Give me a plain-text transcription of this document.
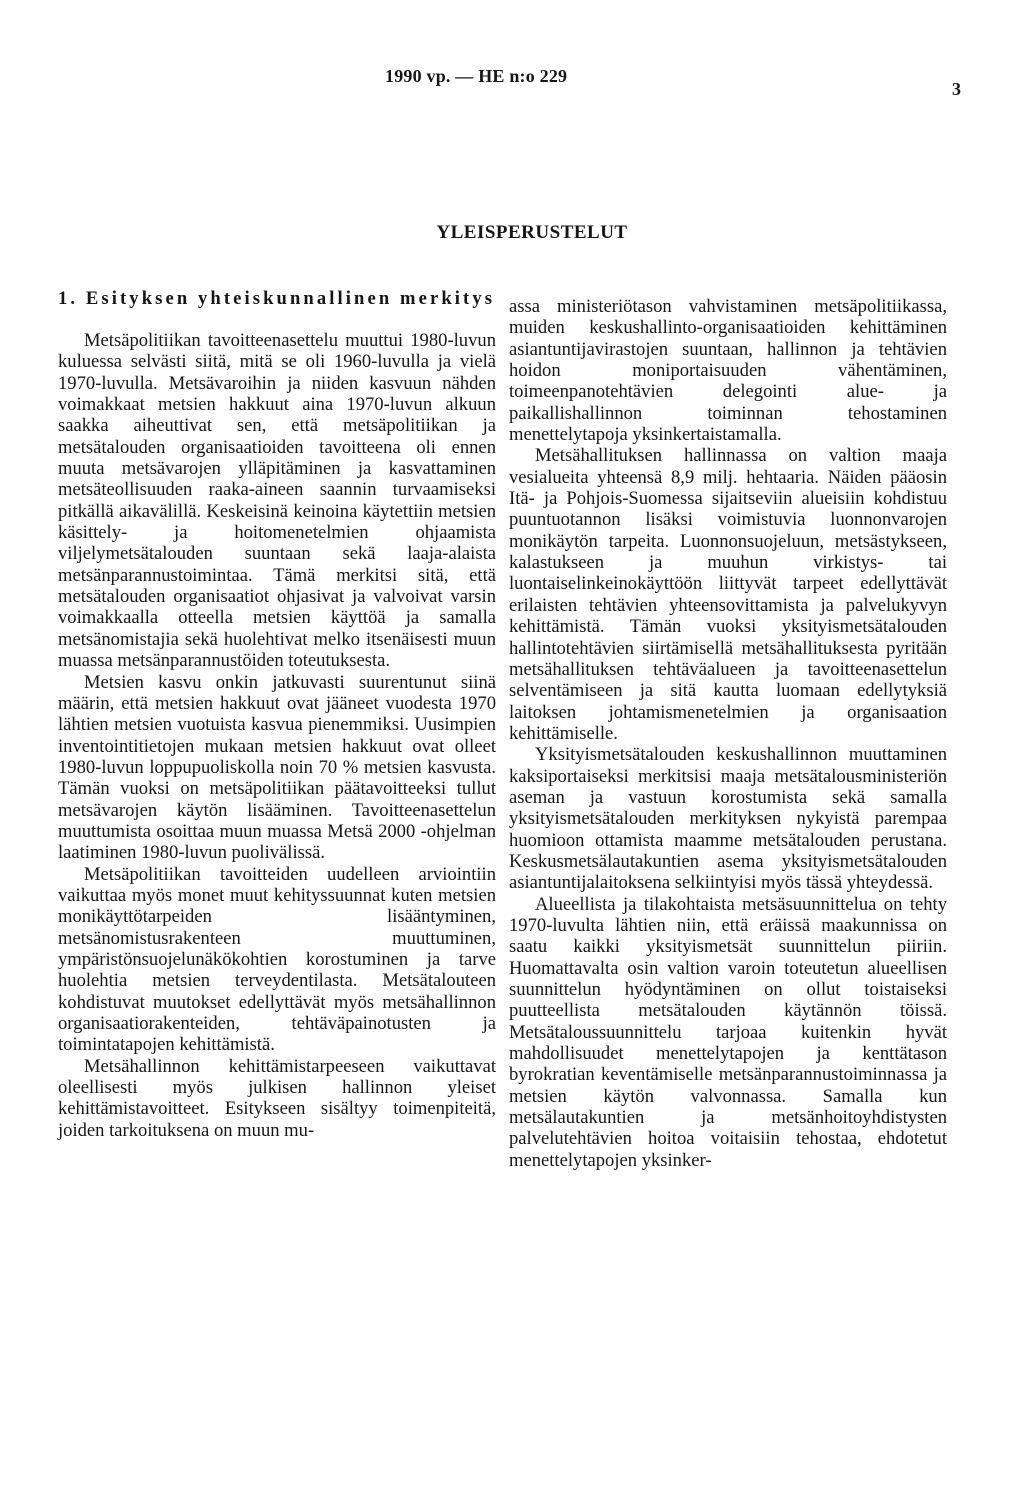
1990 vp. — HE n:o 229
3
YLEISPERUSTELUT
1. Esityksen yhteiskunnallinen merkitys

Metsäpolitiikan tavoitteenasettelu muuttui 1980-luvun kuluessa selvästi siitä, mitä se oli 1960-luvulla ja vielä 1970-luvulla. Metsävaroihin ja niiden kasvuun nähden voimakkaat metsien hakkuut aina 1970-luvun alkuun saakka aiheuttivat sen, että metsäpolitiikan ja metsätalouden organisaatioiden tavoitteena oli ennen muuta metsävarojen ylläpitäminen ja kasvattaminen metsäteollisuuden raaka-aineen saannin turvaamiseksi pitkällä aikavälillä. Keskeisinä keinoina käytettiin metsien käsittely- ja hoitomenetelmien ohjaamista viljelymetsätalouden suuntaan sekä laaja-alaista metsänparannustoimintaa. Tämä merkitsi sitä, että metsätalouden organisaatiot ohjasivat ja valvoivat varsin voimakkaalla otteella metsien käyttöä ja samalla metsänomistajia sekä huolehtivat melko itsenäisesti muun muassa metsänparannustöiden toteutuksesta.

Metsien kasvu onkin jatkuvasti suurentunut siinä määrin, että metsien hakkuut ovat jääneet vuodesta 1970 lähtien metsien vuotuista kasvua pienemmiksi. Uusimpien inventointitietojen mukaan metsien hakkuut ovat olleet 1980-luvun loppupuoliskolla noin 70 % metsien kasvusta. Tämän vuoksi on metsäpolitiikan päätavoitteeksi tullut metsävarojen käytön lisääminen. Tavoitteenasettelun muuttumista osoittaa muun muassa Metsä 2000 -ohjelman laatiminen 1980-luvun puolivälissä.

Metsäpolitiikan tavoitteiden uudelleen arviointiin vaikuttaa myös monet muut kehityssuunnat kuten metsien monikäyttötarpeiden lisääntyminen, metsänomistusrakenteen muuttuminen, ympäristönsuojelunäkökohtien korostuminen ja tarve huolehtia metsien terveydentilasta. Metsätalouteen kohdistuvat muutokset edellyttävät myös metsähallinnon organisaatiorakenteiden, tehtäväpainotusten ja toimintatapojen kehittämistä.

Metsähallinnon kehittämistarpeeseen vaikuttavat oleellisesti myös julkisen hallinnon yleiset kehittämistavoitteet. Esitykseen sisältyy toimenpiteitä, joiden tarkoituksena on muun mu-

assa ministeriötason vahvistaminen metsäpolitiikassa, muiden keskushallinto-organisaatioiden kehittäminen asiantuntijavirastojen suuntaan, hallinnon ja tehtävien hoidon moniportaisuuden vähentäminen, toimeenpanotehtävien delegointi alue- ja paikallishallinnon toiminnan tehostaminen menettelytapoja yksinkertaistamalla.

Metsähallituksen hallinnassa on valtion maaja vesialueita yhteensä 8,9 milj. hehtaaria. Näiden pääosin Itä- ja Pohjois-Suomessa sijaitseviin alueisiin kohdistuu puuntuotannon lisäksi voimistuvia luonnonvarojen monikäytön tarpeita. Luonnonsuojeluun, metsästykseen, kalastukseen ja muuhun virkistys- tai luontaiselinkeinokäyttöön liittyvät tarpeet edellyttävät erilaisten tehtävien yhteensovittamista ja palvelukyvyn kehittämistä. Tämän vuoksi yksityismetsätalouden hallintotehtävien siirtämisellä metsähallituksesta pyritään metsähallituksen tehtäväalueen ja tavoitteenasettelun selventämiseen ja sitä kautta luomaan edellytyksiä laitoksen johtamismenetelmien ja organisaation kehittämiselle.

Yksityismetsätalouden keskushallinnon muuttaminen kaksiportaiseksi merkitsisi maaja metsätalousministeriön aseman ja vastuun korostumista sekä samalla yksityismetsätalouden merkityksen nykyistä parempaa huomioon ottamista maamme metsätalouden perustana. Keskusmetsälautakuntien asema yksityismetsätalouden asiantuntijalaitoksena selkiintyisi myös tässä yhteydessä.

Alueellista ja tilakohtaista metsäsuunnittelua on tehty 1970-luvulta lähtien niin, että eräissä maakunnissa on saatu kaikki yksityismetsät suunnittelun piiriin. Huomattavalta osin valtion varoin toteutetun alueellisen suunnittelun hyödyntäminen on ollut toistaiseksi puutteellista metsätalouden käytännön töissä. Metsätaloussuunnittelu tarjoaa kuitenkin hyvät mahdollisuudet menettelytapojen ja kenttätason byrokratian keventämiselle metsänparannustoiminnassa ja metsien käytön valvonnassa. Samalla kun metsälautakuntien ja metsänhoitoyhdistysten palvelutehtävien hoitoa voitaisiin tehostaa, ehdotetut menettelytapojen yksinker-
